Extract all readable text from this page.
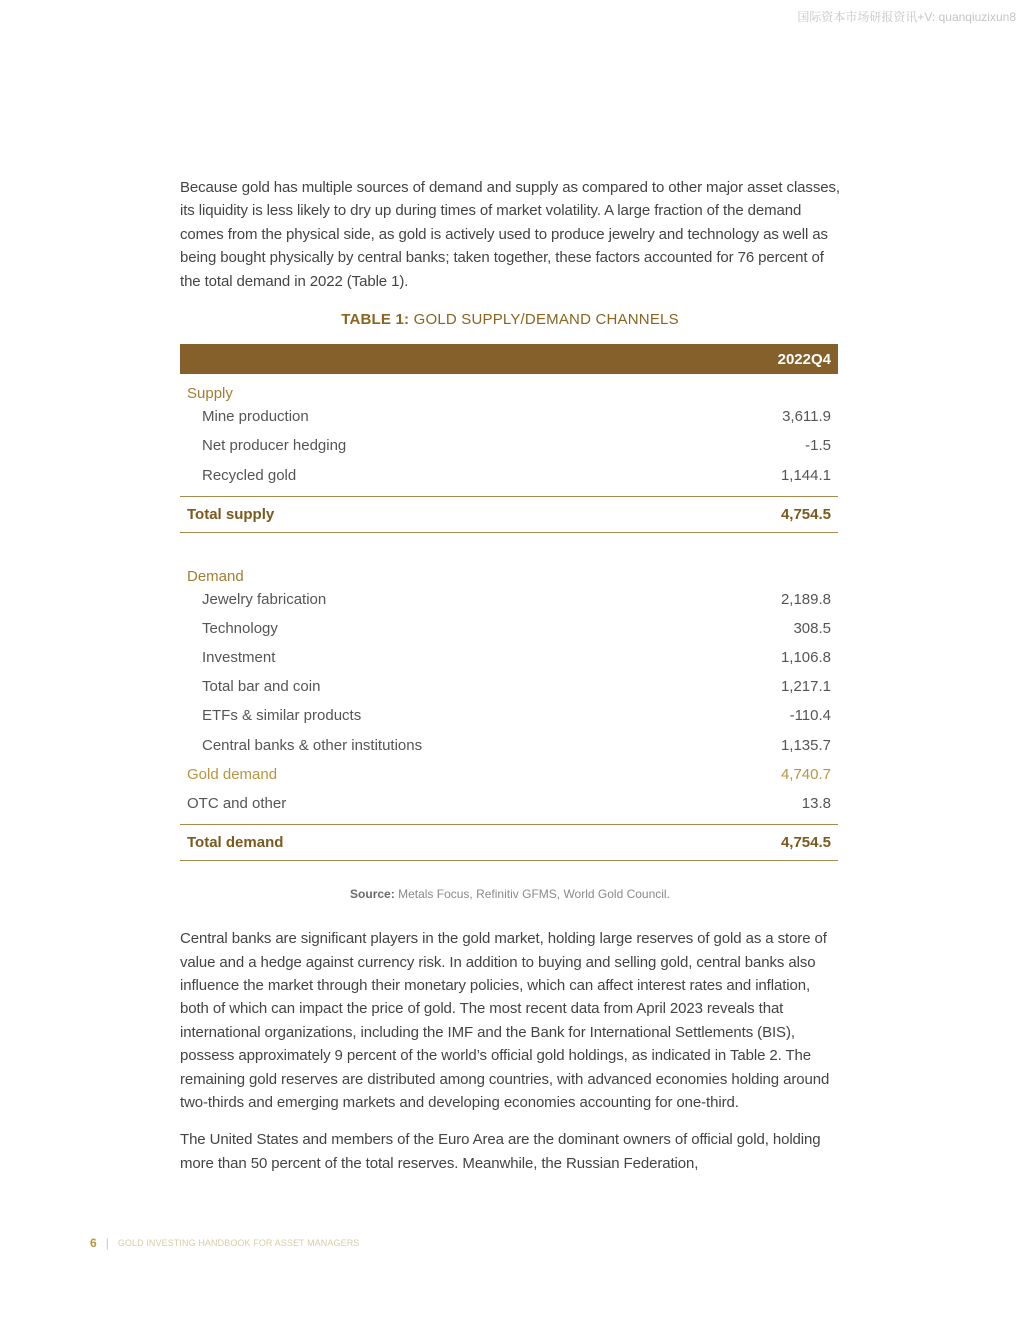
国际资本市场研报资讯+V: quanqiuzixun8

Because gold has multiple sources of demand and supply as compared to other major asset classes, its liquidity is less likely to dry up during times of market volatility. A large fraction of the demand comes from the physical side, as gold is actively used to produce jewelry and technology as well as being bought physically by central banks; taken together, these factors accounted for 76 percent of the total demand in 2022 (Table 1).

TABLE 1: GOLD SUPPLY/DEMAND CHANNELS
2022Q4
Supply
Mine production	3,611.9
Net producer hedging	-1.5
Recycled gold	1,144.1
Total supply	4,754.5
Demand
Jewelry fabrication	2,189.8
Technology	308.5
Investment	1,106.8
Total bar and coin	1,217.1
ETFs & similar products	-110.4
Central banks & other institutions	1,135.7
Gold demand	4,740.7
OTC and other	13.8
Total demand	4,754.5
Source: Metals Focus, Refinitiv GFMS, World Gold Council.

Central banks are significant players in the gold market, holding large reserves of gold as a store of value and a hedge against currency risk. In addition to buying and selling gold, central banks also influence the market through their monetary policies, which can affect interest rates and inflation, both of which can impact the price of gold. The most recent data from April 2023 reveals that international organizations, including the IMF and the Bank for International Settlements (BIS), possess approximately 9 percent of the world’s official gold holdings, as indicated in Table 2. The remaining gold reserves are distributed among countries, with advanced economies holding around two-thirds and emerging markets and developing economies accounting for one-third.

The United States and members of the Euro Area are the dominant owners of official gold, holding more than 50 percent of the total reserves. Meanwhile, the Russian Federation,

6 | GOLD INVESTING HANDBOOK FOR ASSET MANAGERS
